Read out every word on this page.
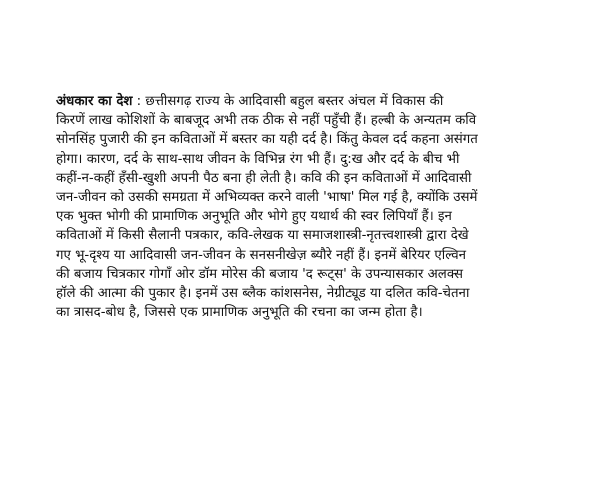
अंधकार का देश : छत्तीसगढ़ राज्य के आदिवासी बहुल बस्तर अंचल में विकास की
किरणें लाख कोशिशों के बाबजूद अभी तक ठीक से नहीं पहुँची हैं। हल्बी के अन्यतम कवि
सोनसिंह पुजारी की इन कविताओं में बस्तर का यही दर्द है। किंतु केवल दर्द कहना असंगत
होगा। कारण, दर्द के साथ-साथ जीवन के विभिन्न रंग भी हैं। दु:ख और दर्द के बीच भी
कहीं-न-कहीं हँसी-खुशी अपनी पैठ बना ही लेती है। कवि की इन कविताओं में आदिवासी
जन-जीवन को उसकी समग्रता में अभिव्यक्त करने वाली 'भाषा' मिल गई है, क्योंकि उसमें
एक भुक्त भोगी की प्रामाणिक अनुभूति और भोगे हुए यथार्थ की स्वर लिपियाँ हैं। इन
कविताओं में किसी सैलानी पत्रकार, कवि-लेखक या समाजशास्त्री-नृतत्त्वशास्त्री द्वारा देखे
गए भू-दृश्य या आदिवासी जन-जीवन के सनसनीखेज़ ब्यौरे नहीं हैं। इनमें बेरियर एल्विन
की बजाय चित्रकार गोगाँ ओर डॉम मोरेस की बजाय 'द रूट्स' के उपन्यासकार अलक्स
हॉले की आत्मा की पुकार है। इनमें उस ब्लैक कांशसनेस, नेग्रीट्यूड या दलित कवि-चेतना
का त्रासद-बोध है, जिससे एक प्रामाणिक अनुभूति की रचना का जन्म होता है।
